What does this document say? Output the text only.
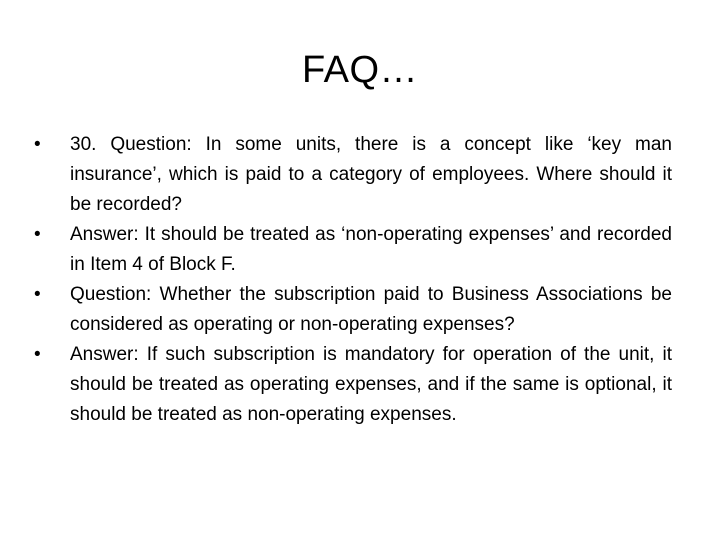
FAQ…
•	30. Question: In some units, there is a concept like ‘key man insurance’, which is paid to a category of employees. Where should it be recorded?
•	Answer: It should be treated as ‘non-operating expenses’ and recorded in Item 4 of Block F.
•	Question: Whether the subscription paid to Business Associations be considered as operating or non-operating expenses?
•	Answer: If such subscription is mandatory for operation of the unit, it should be treated as operating expenses, and if the same is optional, it should be treated as non-operating expenses.
